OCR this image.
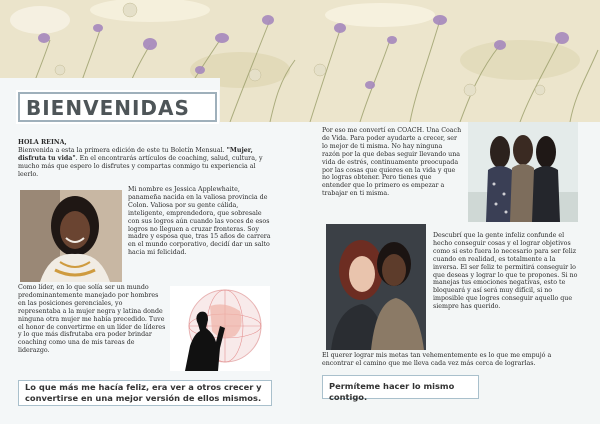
BIENVENIDAS
HOLA REINA,
Bienvenida a esta la primera edición de este tu Boletín Mensual. "Mujer, disfruta tu vida". En el encontrarás artículos de coaching, salud, cultura, y mucho más que espero lo disfrutes y compartas conmigo tu experiencia al leerlo.
Mi nombre es Jessica Applewhaite, panameña nacida en la valiosa provincia de Colon. Valiosa por su gente cálida, inteligente, emprendedora, que sobresale con sus logros aún cuando las voces de esos logros no lleguen a cruzar fronteras. Soy madre y esposa que, tras 15 años de carrera en el mundo corporativo, decidí dar un salto hacia mi felicidad.
Como líder, en lo que solía ser un mundo predominantemente manejado por hombres en las posiciones gerenciales, yo representaba a la mujer negra y latina donde ninguna otra mujer me había precedido. Tuve el honor de convertirme en un líder de líderes y lo que más disfrutaba era poder brindar coaching como una de mis tareas de liderazgo.
Lo que más me hacía feliz, era ver a otros crecer y convertirse en una mejor versión de ellos mismos.
Por eso me convertí en COACH. Una Coach de Vida. Para poder ayudarte a crecer, ser lo mejor de ti misma. No hay ninguna razón por la que debas seguir llevando una vida de estrés, continuamente preocupada por las cosas que quieres en la vida y que no logras obtener. Pero tienes que entender que lo primero es empezar a trabajar en ti misma.
Descubrí que la gente infeliz confunde el hecho conseguir cosas y el lograr objetivos como si esto fuera lo necesario para ser feliz cuando en realidad, es totalmente a la inversa. El ser feliz te permitirá conseguir lo que deseas y lograr lo que te propones. Si no manejas tus emociones negativas, esto te bloqueará y así será muy difícil, si no imposible que logres conseguir aquello que siempre has querido.
El querer lograr mis metas tan vehementemente es lo que me empujó a encontrar el camino que me lleva cada vez más cerca de lograrlas.
Permíteme hacer lo mismo contigo.
